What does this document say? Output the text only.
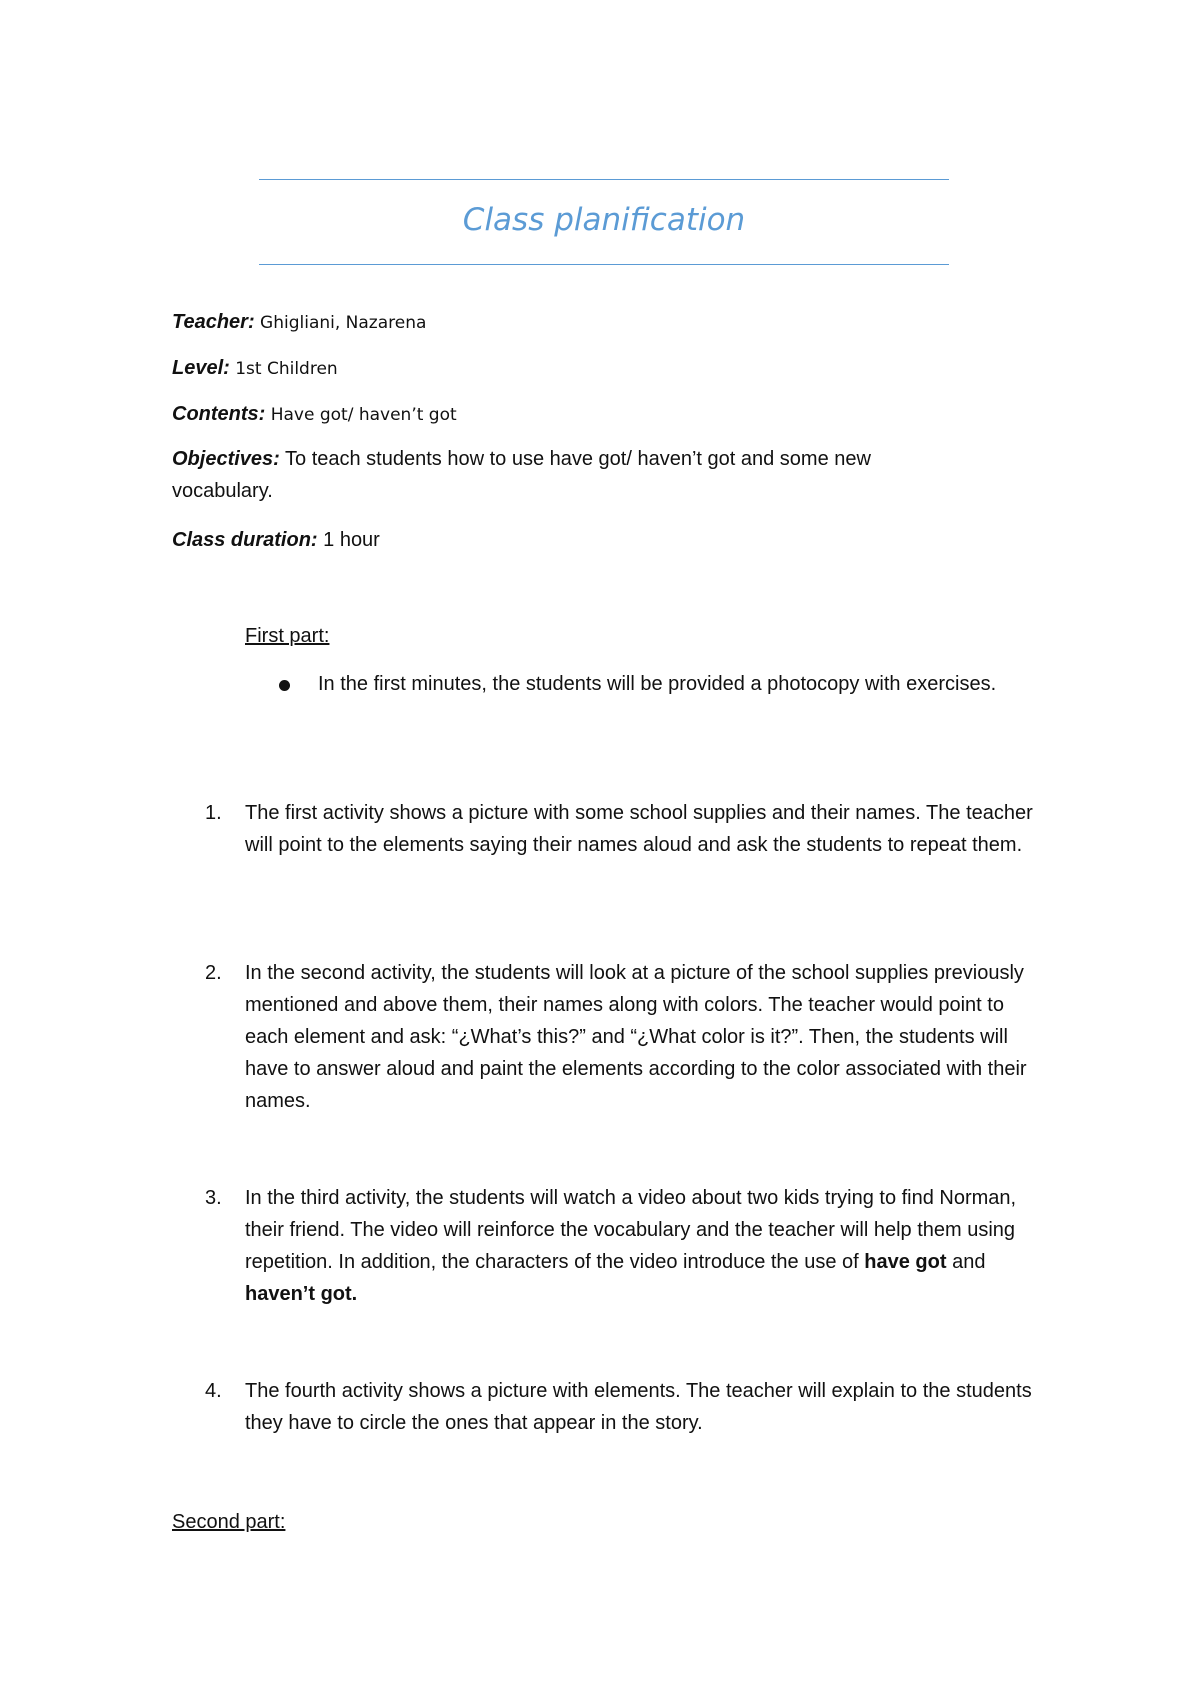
Class planification
Teacher: Ghigliani, Nazarena
Level: 1st Children
Contents: Have got/ haven’t got
Objectives: To teach students how to use have got/ haven’t got and some new vocabulary.
Class duration: 1 hour
First part:
In the first minutes, the students will be provided a photocopy with exercises.
1.	The first activity shows a picture with some school supplies and their names. The teacher will point to the elements saying their names aloud and ask the students to repeat them.
2.	In the second activity, the students will look at a picture of the school supplies previously mentioned and above them, their names along with colors. The teacher would point to each element and ask: “¿What’s this?” and “¿What color is it?”. Then, the students will have to answer aloud and paint the elements according to the color associated with their names.
3.	In the third activity, the students will watch a video about two kids trying to find Norman, their friend. The video will reinforce the vocabulary and the teacher will help them using repetition. In addition, the characters of the video introduce the use of have got and haven’t got.
4.	The fourth activity shows a picture with elements. The teacher will explain to the students they have to circle the ones that appear in the story.
Second part:
